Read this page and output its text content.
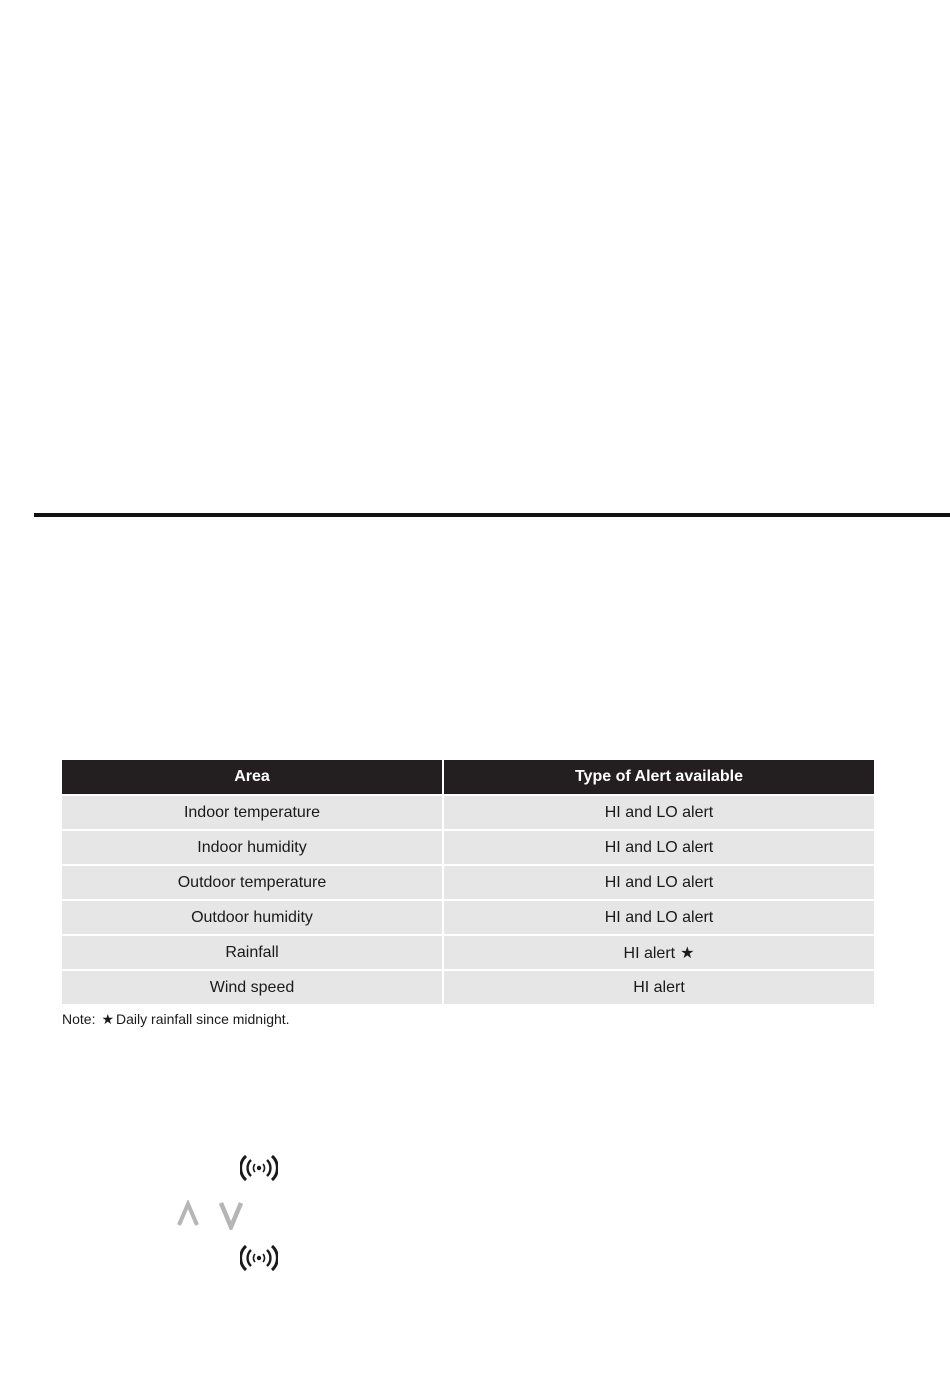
Area	Type of Alert available
Indoor temperature	HI and LO alert
Indoor humidity	HI and LO alert
Outdoor temperature	HI and LO alert
Outdoor humidity	HI and LO alert
Rainfall	HI alert ★
Wind speed	HI alert
Note: ★ Daily rainfall since midnight.
